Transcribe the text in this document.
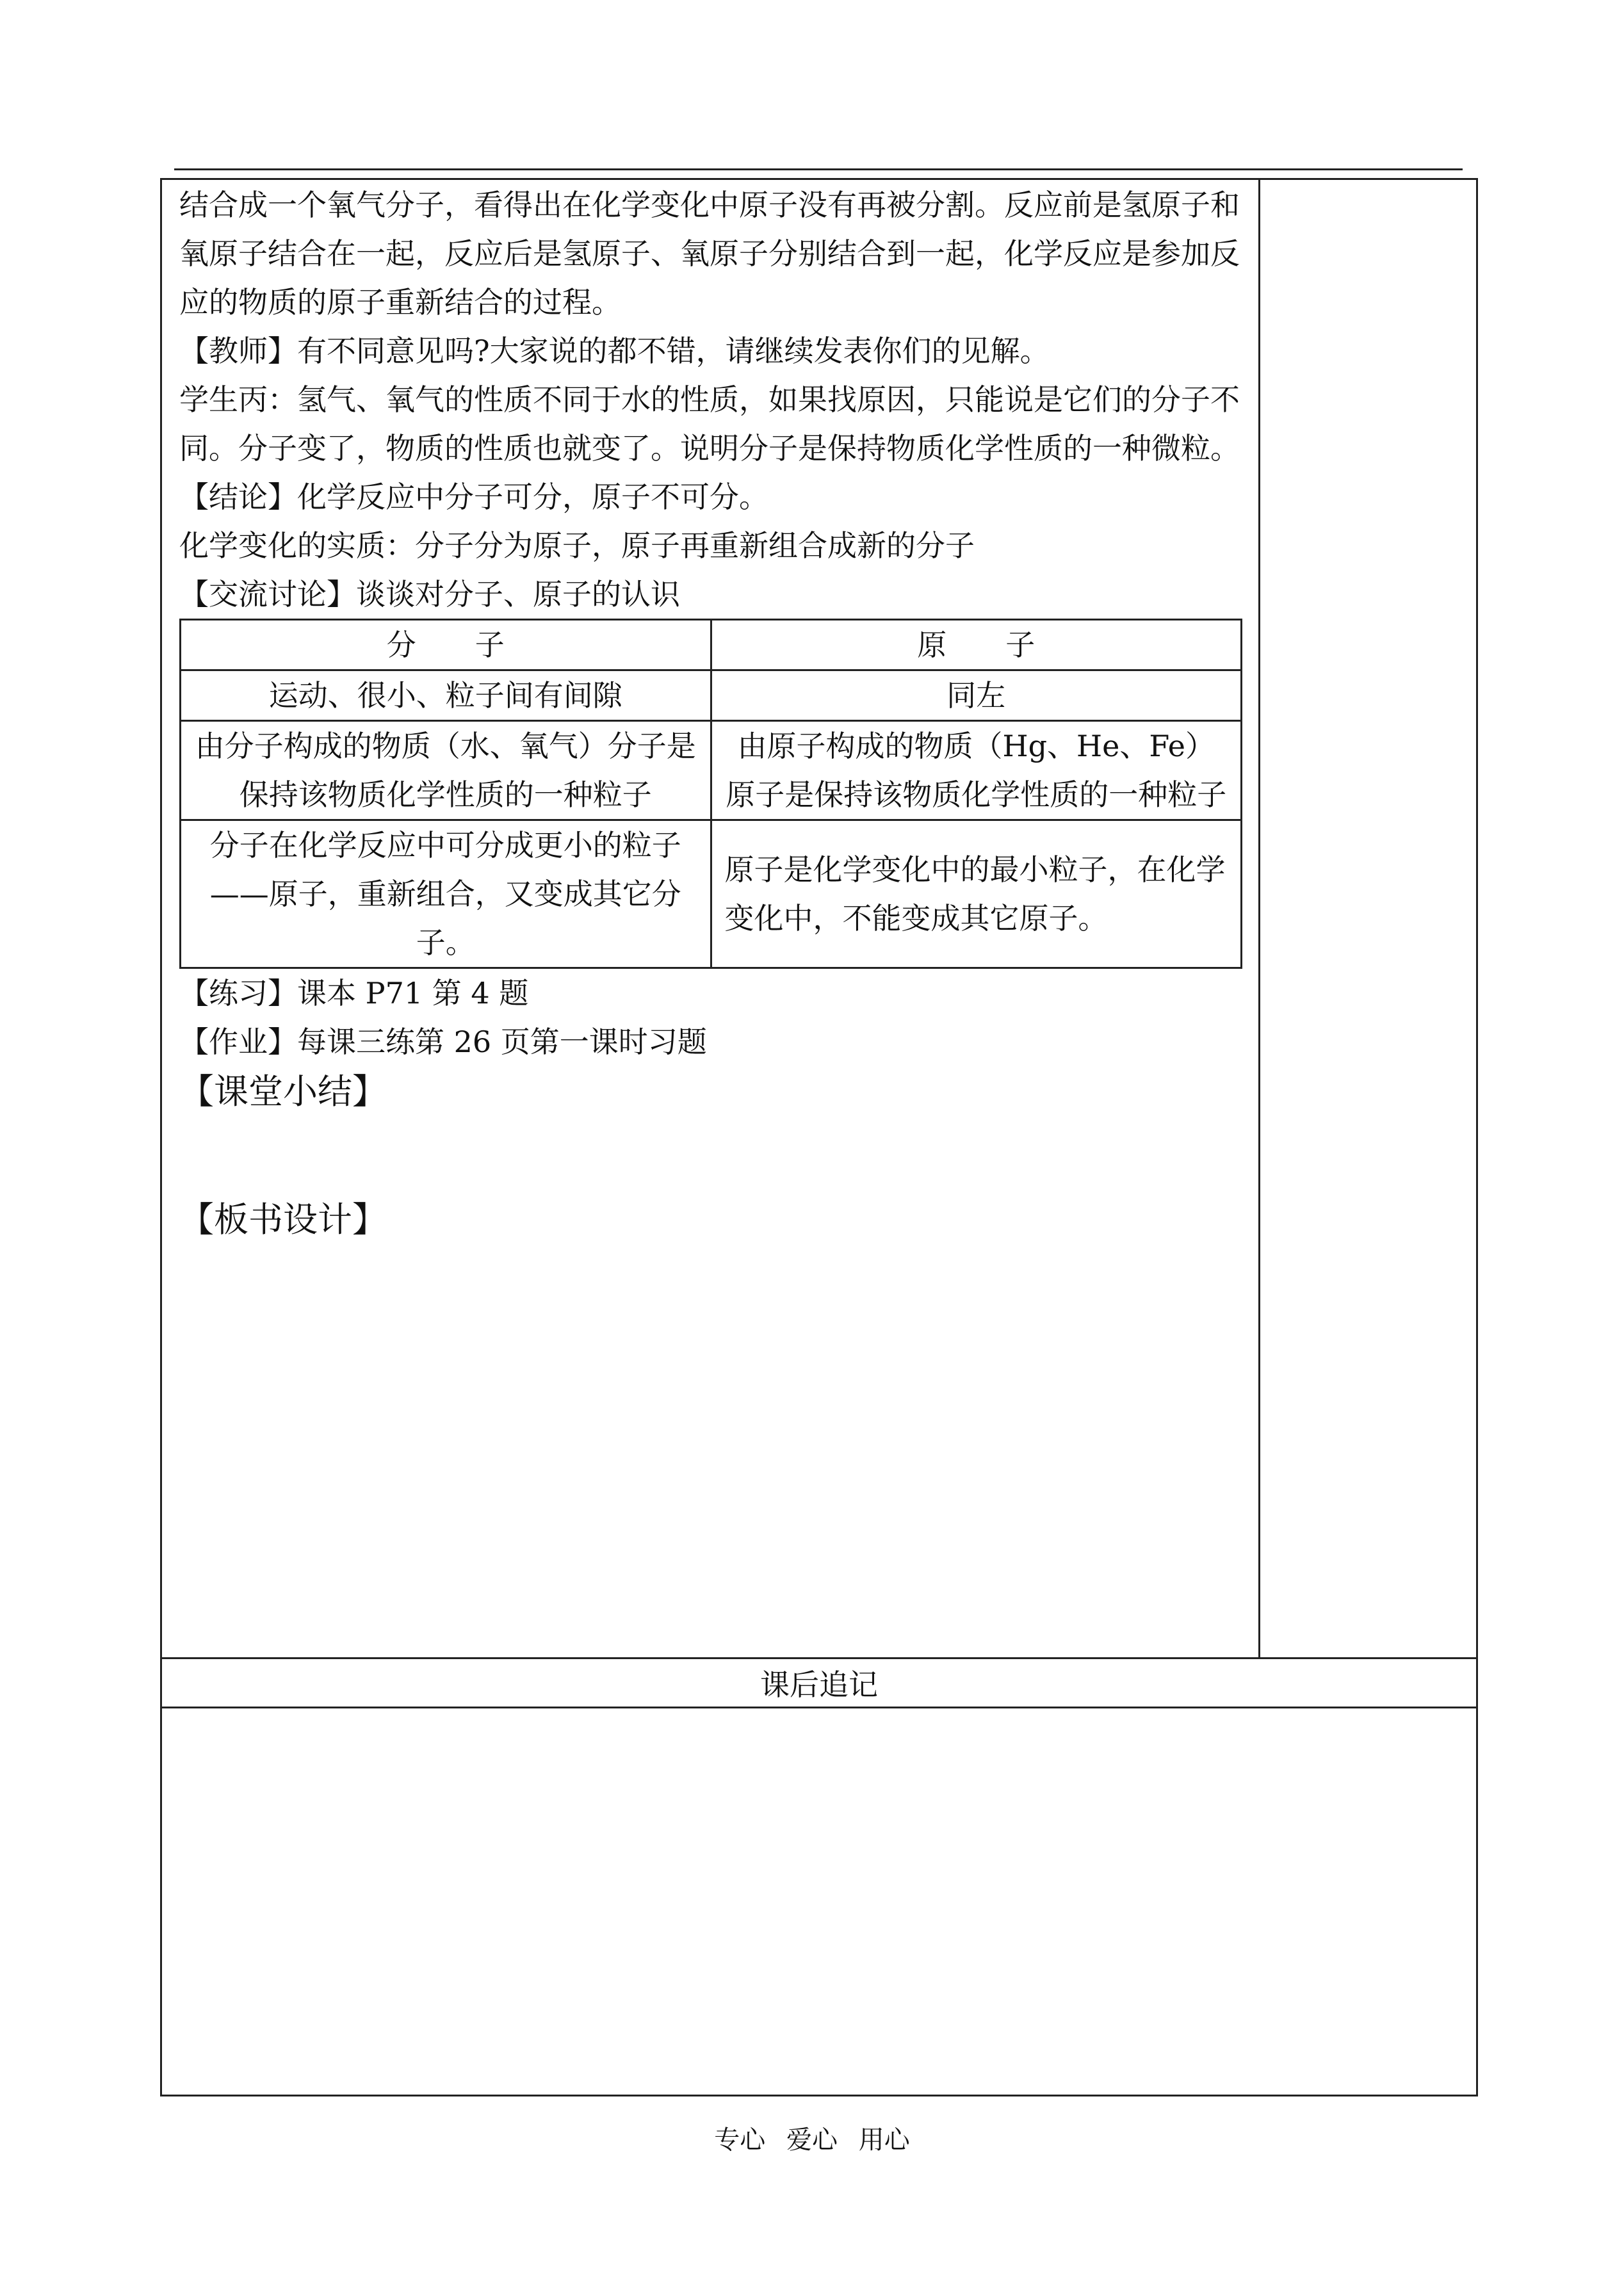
课后追记

结合成一个氧气分子，看得出在化学变化中原子没有再被分割。反应前是氢原子和氧原子结合在一起，反应后是氢原子、氧原子分别结合到一起，化学反应是参加反应的物质的原子重新结合的过程。

【教师】有不同意见吗?大家说的都不错，请继续发表你们的见解。

学生丙：氢气、氧气的性质不同于水的性质，如果找原因，只能说是它们的分子不同。分子变了，物质的性质也就变了。说明分子是保持物质化学性质的一种微粒。

【结论】化学反应中分子可分，原子不可分。

化学变化的实质：分子分为原子，原子再重新组合成新的分子

【交流讨论】谈谈对分子、原子的认识

分　　子	原　　子
运动、很小、粒子间有间隙	同左
由分子构成的物质（水、氧气）分子是保持该物质化学性质的一种粒子	由原子构成的物质（Hg、He、Fe）原子是保持该物质化学性质的一种粒子
分子在化学反应中可分成更小的粒子——原子，重新组合，又变成其它分子。	原子是化学变化中的最小粒子，在化学变化中，不能变成其它原子。

【练习】课本 P71 第 4 题

【作业】每课三练第 26 页第一课时习题

【课堂小结】

【板书设计】

专心 爱心 用心
